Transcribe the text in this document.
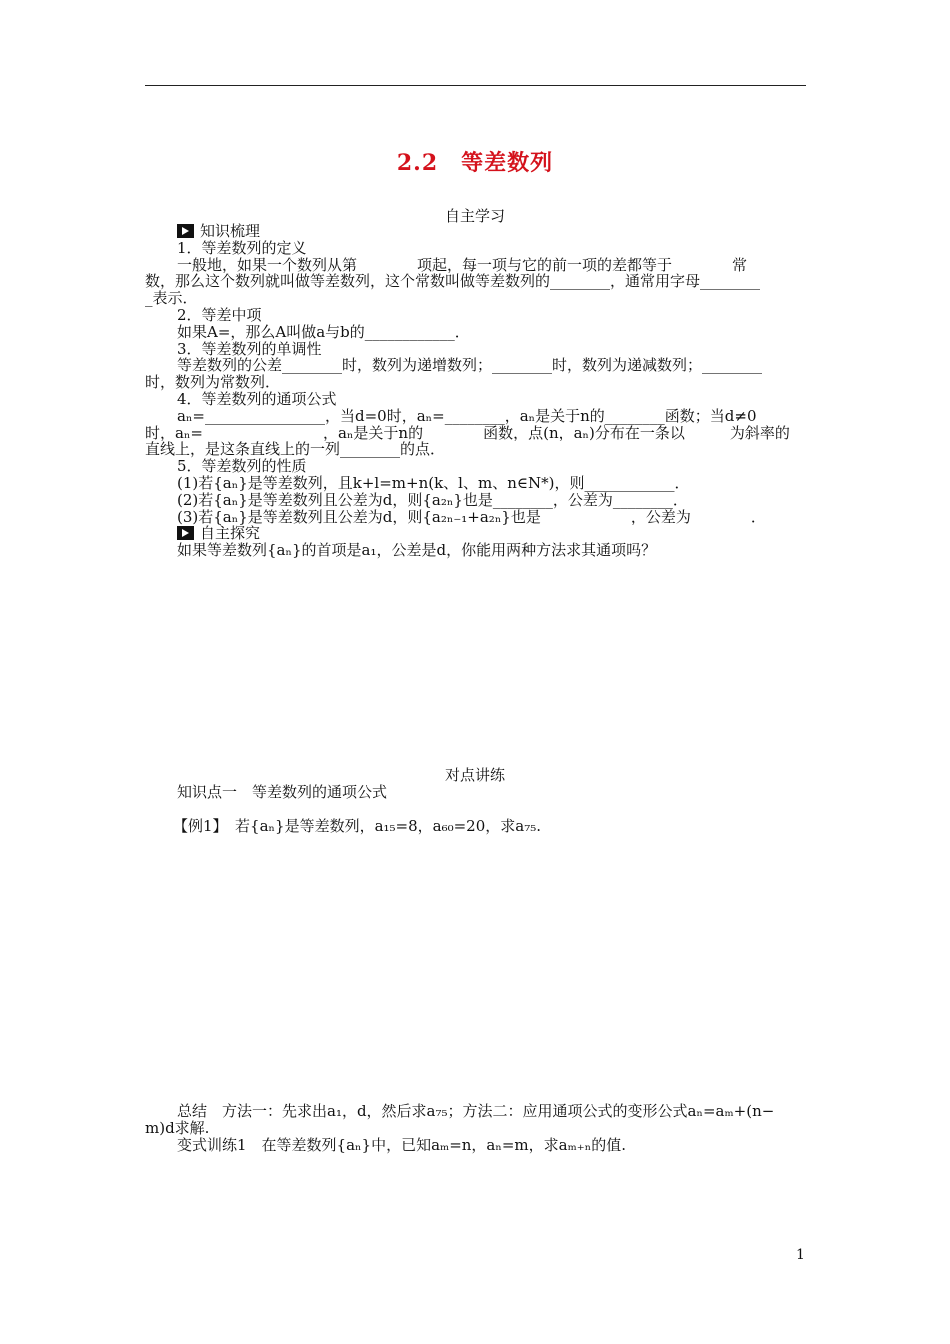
2.2　等差数列
自主学习
知识梳理
1．等差数列的定义
一般地，如果一个数列从第________项起，每一项与它的前一项的差都等于________常
数，那么这个数列就叫做等差数列，这个常数叫做等差数列的________，通常用字母________
_表示．
2．等差中项
如果A=，那么A叫做a与b的____________．
3．等差数列的单调性
等差数列的公差________时，数列为递增数列；________时，数列为递减数列；________
时，数列为常数列．
4．等差数列的通项公式
aₙ=________________，当d=0时，aₙ=________，aₙ是关于n的________函数；当d≠0
时，aₙ=________________，aₙ是关于n的________函数，点(n，aₙ)分布在一条以______为斜率的
直线上，是这条直线上的一列________的点．
5．等差数列的性质
(1)若{aₙ}是等差数列，且k+l=m+n(k、l、m、n∈N*)，则____________．
(2)若{aₙ}是等差数列且公差为d，则{a₂ₙ}也是________，公差为________．
(3)若{aₙ}是等差数列且公差为d，则{a₂ₙ₋₁+a₂ₙ}也是____________，公差为________．
自主探究
如果等差数列{aₙ}的首项是a₁，公差是d，你能用两种方法求其通项吗？
对点讲练
知识点一　等差数列的通项公式
【例1】　若{aₙ}是等差数列，a₁₅=8，a₆₀=20，求a₇₅.
总结　方法一：先求出a₁，d，然后求a₇₅；方法二：应用通项公式的变形公式aₙ=aₘ+(n−
m)d求解.
变式训练1　在等差数列{aₙ}中，已知aₘ=n，aₙ=m，求aₘ₊ₙ的值.
1
